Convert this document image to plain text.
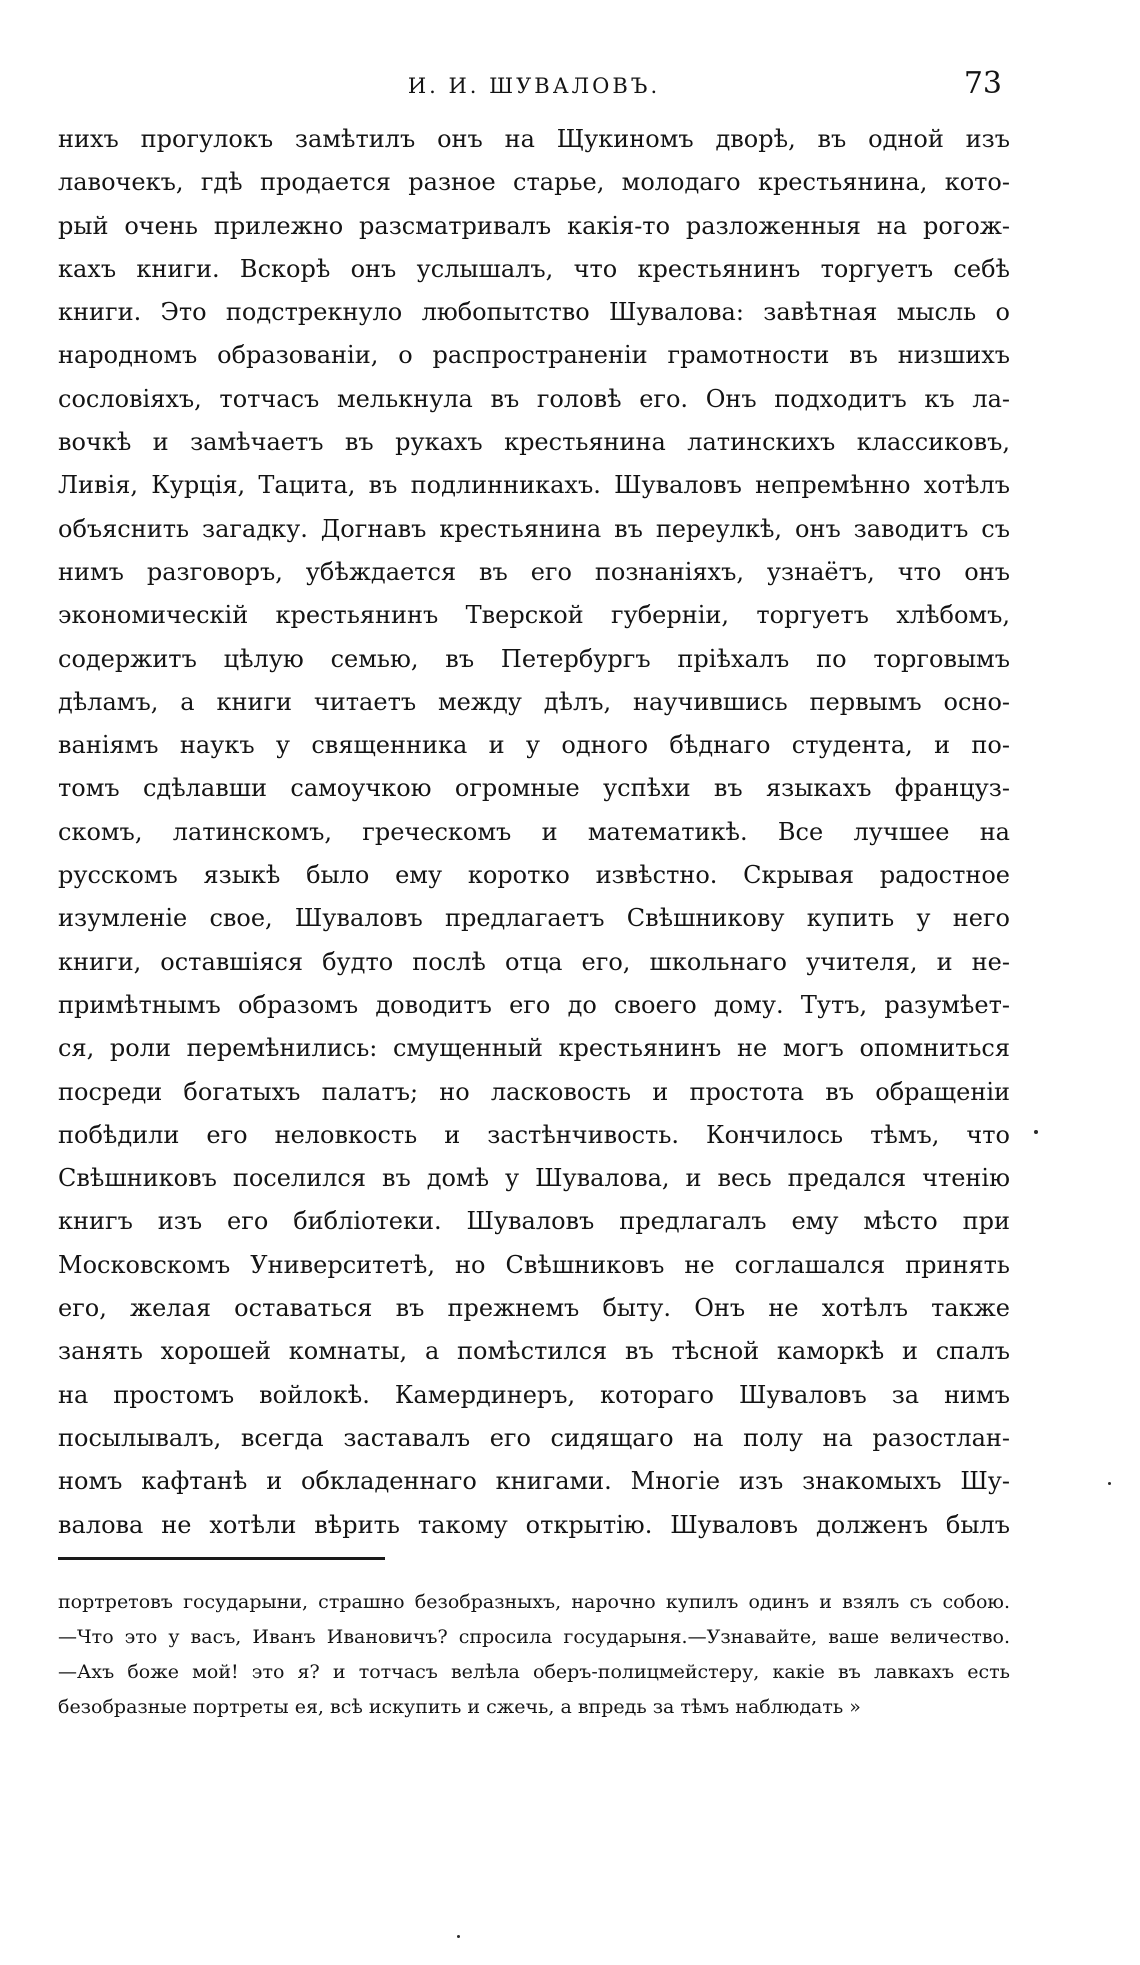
И. И. ШУВАЛОВЪ.	73
нихъ прогулокъ замѣтилъ онъ на Щукиномъ дворѣ, въ одной изъ
лавочекъ, гдѣ продается разное старье, молодаго крестьянина, кото-
рый очень прилежно разсматривалъ какія-то разложенныя на рогож-
кахъ книги. Вскорѣ онъ услышалъ, что крестьянинъ торгуетъ себѣ
книги. Это подстрекнуло любопытство Шувалова: завѣтная мысль о
народномъ образованіи, о распространеніи грамотности въ низшихъ
сословіяхъ, тотчасъ мелькнула въ головѣ его. Онъ подходитъ къ ла-
вочкѣ и замѣчаетъ въ рукахъ крестьянина латинскихъ классиковъ,
Ливія, Курція, Тацита, въ подлинникахъ. Шуваловъ непремѣнно хотѣлъ
объяснить загадку. Догнавъ крестьянина въ переулкѣ, онъ заводитъ съ
нимъ разговоръ, убѣждается въ его познаніяхъ, узнаётъ, что онъ
экономическій крестьянинъ Тверской губерніи, торгуетъ хлѣбомъ,
содержитъ цѣлую семью, въ Петербургъ пріѣхалъ по торговымъ
дѣламъ, а книги читаетъ между дѣлъ, научившись первымъ осно-
ваніямъ наукъ у священника и у одного бѣднаго студента, и по-
томъ сдѣлавши самоучкою огромные успѣхи въ языкахъ француз-
скомъ, латинскомъ, греческомъ и математикѣ. Все лучшее на
русскомъ языкѣ было ему коротко извѣстно. Скрывая радостное
изумленіе свое, Шуваловъ предлагаетъ Свѣшникову купить у него
книги, оставшіяся будто послѣ отца его, школьнаго учителя, и не-
примѣтнымъ образомъ доводитъ его до своего дому. Тутъ, разумѣет-
ся, роли перемѣнились: смущенный крестьянинъ не могъ опомниться
посреди богатыхъ палатъ; но ласковость и простота въ обращеніи
побѣдили его неловкость и застѣнчивость. Кончилось тѣмъ, что
Свѣшниковъ поселился въ домѣ у Шувалова, и весь предался чтенію
книгъ изъ его библіотеки. Шуваловъ предлагалъ ему мѣсто при
Московскомъ Университетѣ, но Свѣшниковъ не соглашался принять
его, желая оставаться въ прежнемъ быту. Онъ не хотѣлъ также
занять хорошей комнаты, а помѣстился въ тѣсной каморкѣ и спалъ
на простомъ войлокѣ. Камердинеръ, котораго Шуваловъ за нимъ
посылывалъ, всегда заставалъ его сидящаго на полу на разостлан-
номъ кафтанѣ и обкладеннаго книгами. Многіе изъ знакомыхъ Шу-
валова не хотѣли вѣрить такому открытію. Шуваловъ долженъ былъ
портретовъ государыни, страшно безобразныхъ, нарочно купилъ одинъ и взялъ съ собою.
—Что это у васъ, Иванъ Ивановичъ? спросила государыня.—Узнавайте, ваше величество.
—Ахъ боже мой! это я? и тотчасъ велѣла оберъ-полицмейстеру, какіе въ лавкахъ есть
безобразные портреты ея, всѣ искупить и сжечь, а впредь за тѣмъ наблюдать »
